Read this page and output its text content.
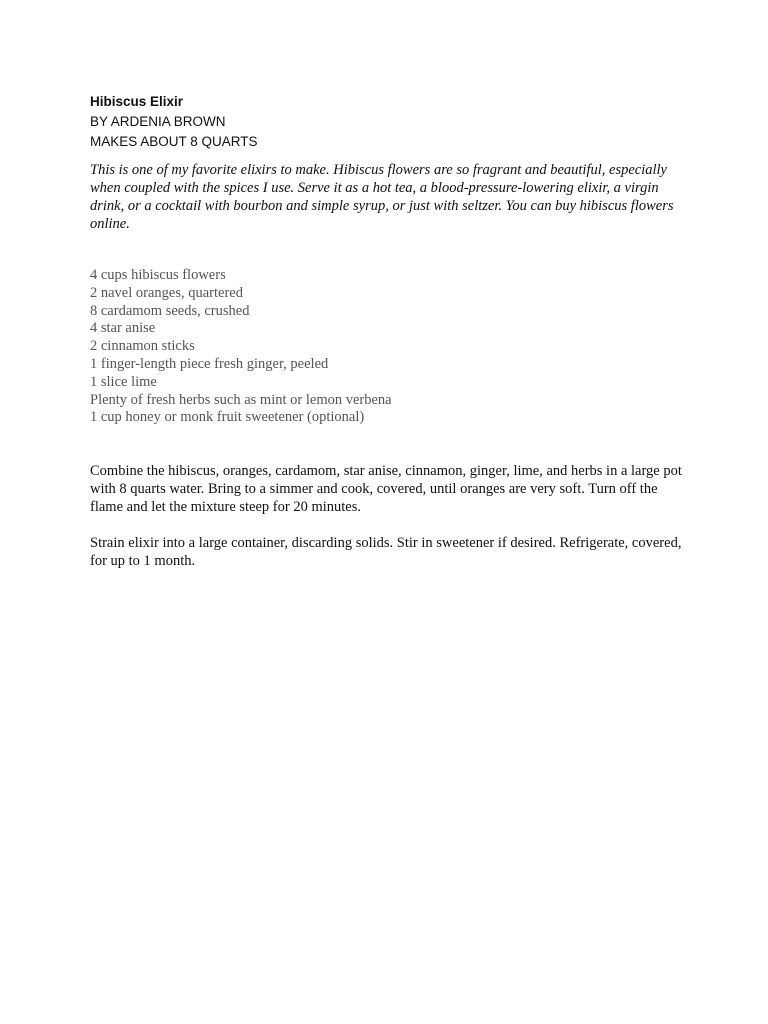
Hibiscus Elixir

BY ARDENIA BROWN

MAKES ABOUT 8 QUARTS

This is one of my favorite elixirs to make. Hibiscus flowers are so fragrant and beautiful, especially when coupled with the spices I use. Serve it as a hot tea, a blood-pressure-lowering elixir, a virgin drink, or a cocktail with bourbon and simple syrup, or just with seltzer. You can buy hibiscus flowers online.

4 cups hibiscus flowers
2 navel oranges, quartered
8 cardamom seeds, crushed
4 star anise
2 cinnamon sticks
1 finger-length piece fresh ginger, peeled
1 slice lime
Plenty of fresh herbs such as mint or lemon verbena
1 cup honey or monk fruit sweetener (optional)

Combine the hibiscus, oranges, cardamom, star anise, cinnamon, ginger, lime, and herbs in a large pot with 8 quarts water. Bring to a simmer and cook, covered, until oranges are very soft. Turn off the flame and let the mixture steep for 20 minutes.

Strain elixir into a large container, discarding solids. Stir in sweetener if desired. Refrigerate, covered, for up to 1 month.
